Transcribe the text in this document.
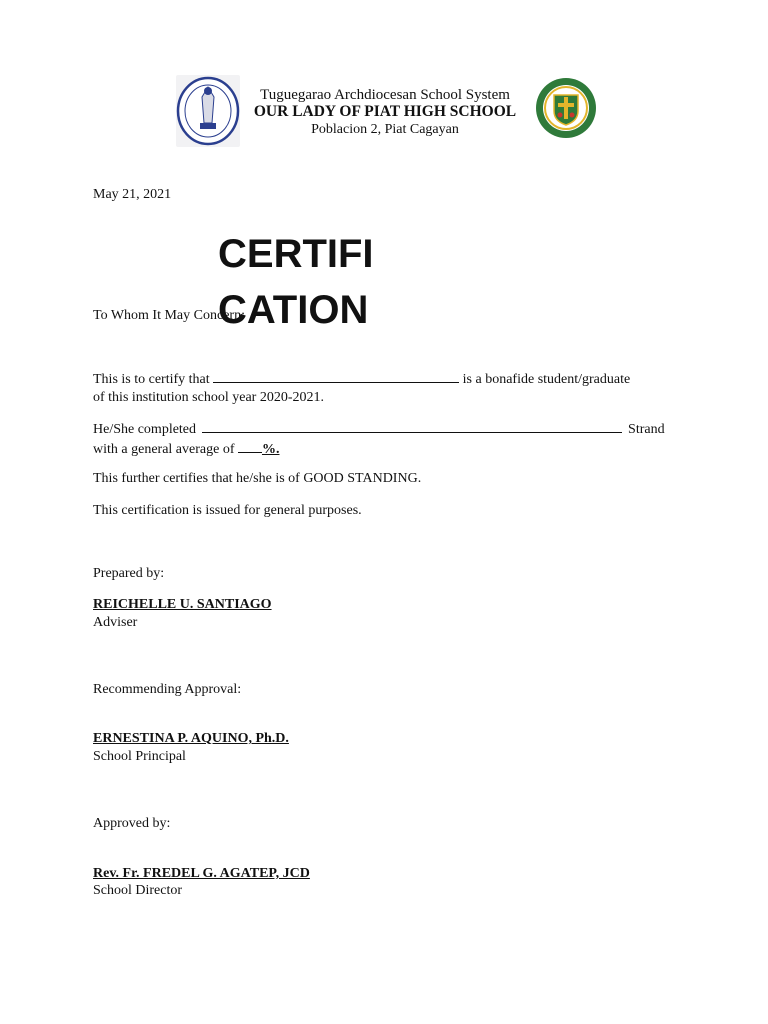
Tuguegarao Archdiocesan School System
OUR LADY OF PIAT HIGH SCHOOL
Poblacion 2, Piat Cagayan
May 21, 2021
CERTIFICATION
To Whom It May Concern:
This is to certify that	is a bonafide student/graduate
of this institution school year 2020-2021.
He/She completed	Strand
with a general average of %.
This further certifies that he/she is of GOOD STANDING.
This certification is issued for general purposes.
Prepared by:
REICHELLE U. SANTIAGO
Adviser
Recommending Approval:
ERNESTINA P. AQUINO, Ph.D.
School Principal
Approved by:
Rev. Fr. FREDEL G. AGATEP, JCD
School Director
